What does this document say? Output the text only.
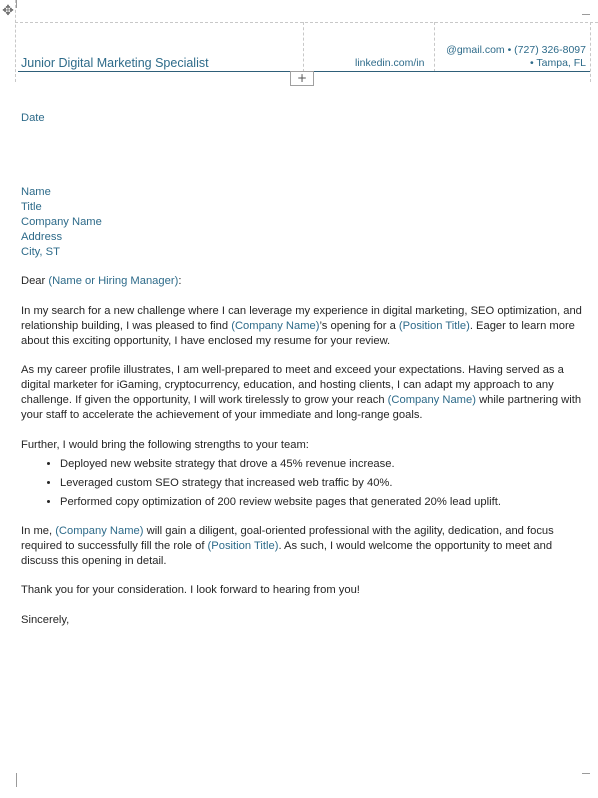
✥
+
Junior Digital Marketing Specialist	linkedin.com/in
@gmail.com • (727) 326-8097
• Tampa, FL
Date
Name
Title
Company Name
Address
City, ST
Dear (Name or Hiring Manager):
In my search for a new challenge where I can leverage my experience in digital marketing, SEO optimization, and relationship building, I was pleased to find (Company Name)’s opening for a (Position Title). Eager to learn more about this exciting opportunity, I have enclosed my resume for your review.
As my career profile illustrates, I am well-prepared to meet and exceed your expectations. Having served as a digital marketer for iGaming, cryptocurrency, education, and hosting clients, I can adapt my approach to any challenge. If given the opportunity, I will work tirelessly to grow your reach (Company Name) while partnering with your staff to accelerate the achievement of your immediate and long-range goals.
Further, I would bring the following strengths to your team:
• Deployed new website strategy that drove a 45% revenue increase.
• Leveraged custom SEO strategy that increased web traffic by 40%.
• Performed copy optimization of 200 review website pages that generated 20% lead uplift.
In me, (Company Name) will gain a diligent, goal-oriented professional with the agility, dedication, and focus required to successfully fill the role of (Position Title). As such, I would welcome the opportunity to meet and discuss this opening in detail.
Thank you for your consideration. I look forward to hearing from you!
Sincerely,
